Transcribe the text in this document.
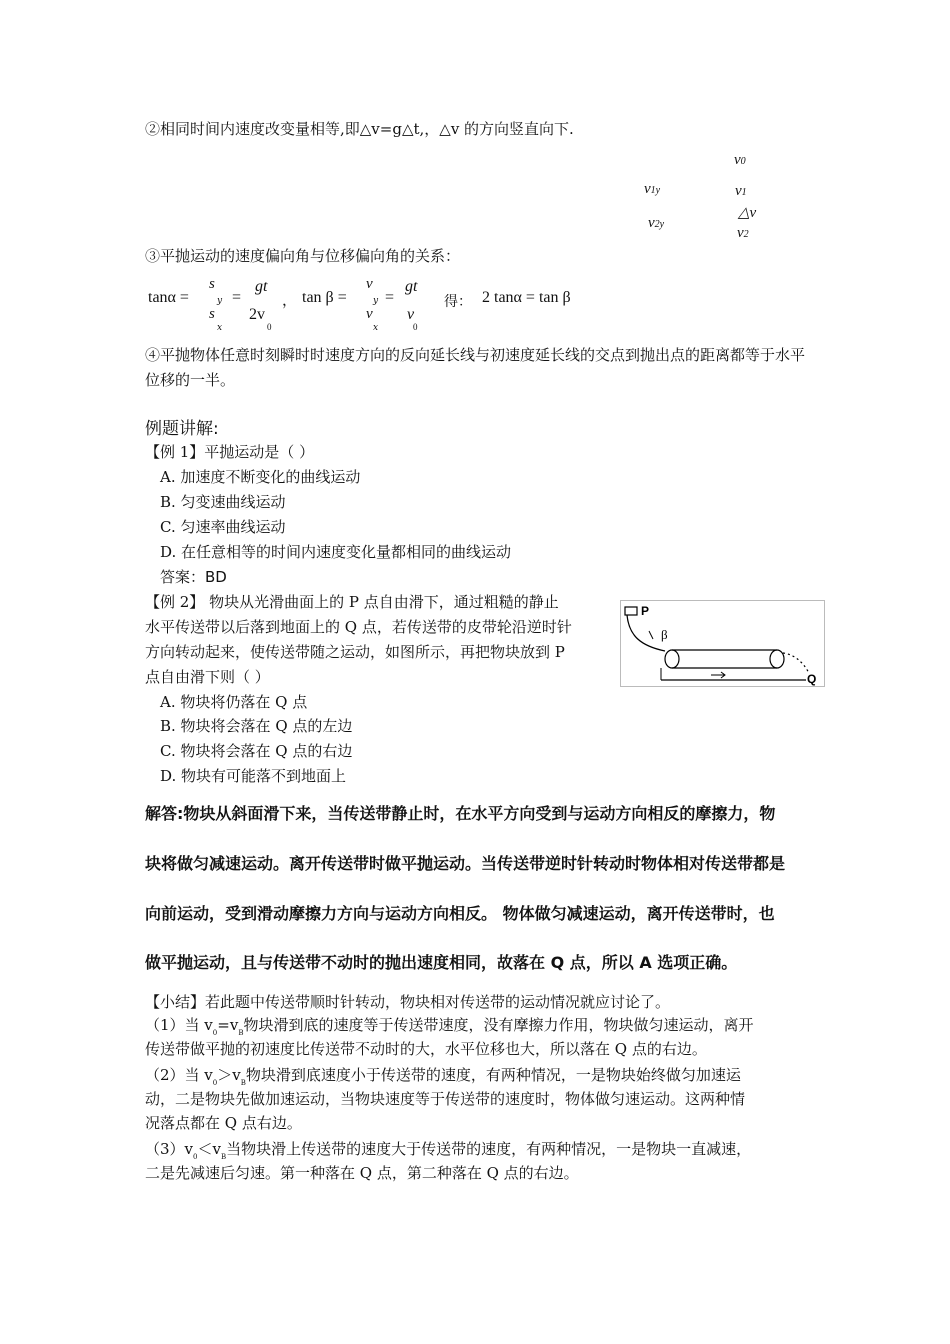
②相同时间内速度改变量相等,即△v=g△t,，△v 的方向竖直向下.
v0
v1y	v1
△v
v2y
v2
③平抛运动的速度偏向角与位移偏向角的关系：
tanα =
s
y
s
x
=
gt
2v
0
， tan β =
v
y
v
x
=
gt
v
0
得： 2 tanα = tan β
④平抛物体任意时刻瞬时时速度方向的反向延长线与初速度延长线的交点到抛出点的距离都等于水平位移的一半。
例题讲解:
【例 1】平抛运动是（ ）
A. 加速度不断变化的曲线运动
B. 匀变速曲线运动
C. 匀速率曲线运动
D. 在任意相等的时间内速度变化量都相同的曲线运动
答案：BD
【例 2】 物块从光滑曲面上的 P 点自由滑下，通过粗糙的静止
水平传送带以后落到地面上的 Q 点，若传送带的皮带轮沿逆时针
方向转动起来，使传送带随之运动，如图所示，再把物块放到 P
点自由滑下则（ ）
A. 物块将仍落在 Q 点
B. 物块将会落在 Q 点的左边
C. 物块将会落在 Q 点的右边
D. 物块有可能落不到地面上
P
β
Q
解答:物块从斜面滑下来，当传送带静止时，在水平方向受到与运动方向相反的摩擦力，物
块将做匀减速运动。离开传送带时做平抛运动。当传送带逆时针转动时物体相对传送带都是
向前运动，受到滑动摩擦力方向与运动方向相反。 物体做匀减速运动，离开传送带时，也
做平抛运动，且与传送带不动时的抛出速度相同，故落在 Q 点，所以 A 选项正确。
【小结】若此题中传送带顺时针转动，物块相对传送带的运动情况就应讨论了。
（1）当 $v_0=v_B$物块滑到底的速度等于传送带速度，没有摩擦力作用，物块做匀速运动，离开
传送带做平抛的初速度比传送带不动时的大，水平位移也大，所以落在 Q 点的右边。
（2）当 $v_0>v_B$物块滑到底速度小于传送带的速度，有两种情况，一是物块始终做匀加速运
动，二是物块先做加速运动，当物块速度等于传送带的速度时，物体做匀速运动。这两种情
况落点都在 Q 点右边。
$(3)v_0<v_B$当物块滑上传送带的速度大于传送带的速度，有两种情况，一是物块一直减速，
二是先减速后匀速。第一种落在 Q 点，第二种落在 Q 点的右边。
